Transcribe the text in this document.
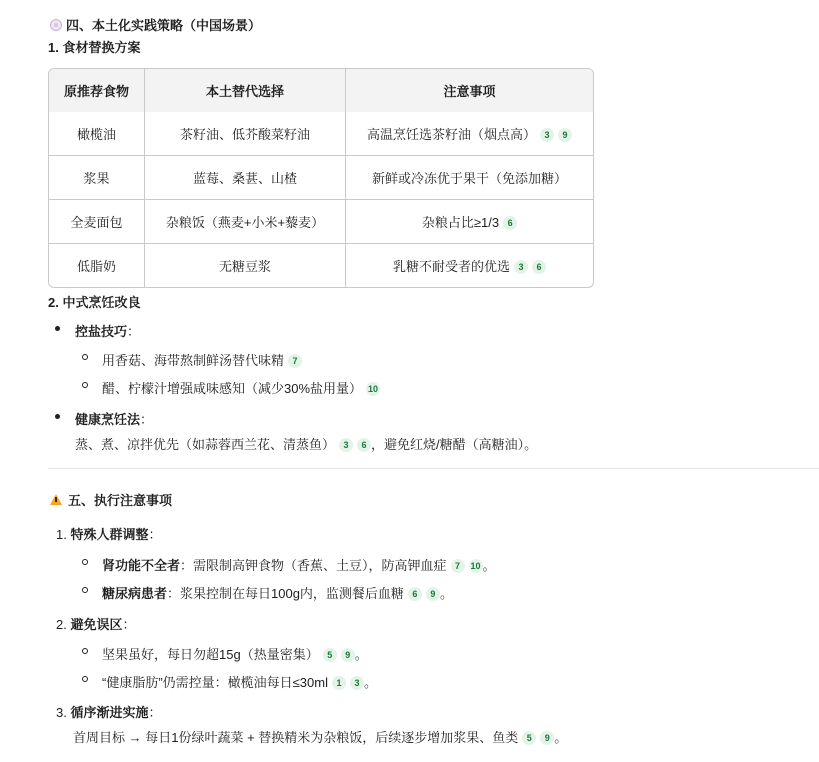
四、本土化实践策略（中国场景）
1. 食材替换方案
原推荐食物	本土替代选择	注意事项
橄榄油	茶籽油、低芥酸菜籽油	高温烹饪选茶籽油（烟点高） 3 9
浆果	蓝莓、桑葚、山楂	新鲜或冷冻优于果干（免添加糖）
全麦面包	杂粮饭（燕麦+小米+藜麦）	杂粮占比≥1/3 6
低脂奶	无糖豆浆	乳糖不耐受者的优选 3 6
2. 中式烹饪改良
控盐技巧：
用香菇、海带熬制鲜汤替代味精 7
醋、柠檬汁增强咸味感知（减少30%盐用量） 10
健康烹饪法：
蒸、煮、凉拌优先（如蒜蓉西兰花、清蒸鱼） 3 6 ，避免红烧/糖醋（高糖油）。
五、执行注意事项
1. 特殊人群调整：
肾功能不全者：需限制高钾食物（香蕉、土豆），防高钾血症 7 10 。
糖尿病患者：浆果控制在每日100g内，监测餐后血糖 6 9 。
2. 避免误区：
坚果虽好，每日勿超15g（热量密集） 5 9 。
“健康脂肪”仍需控量：橄榄油每日≤30ml 1 3 。
3. 循序渐进实施：
首周目标 → 每日1份绿叶蔬菜 + 替换精米为杂粮饭，后续逐步增加浆果、鱼类 5 9 。
